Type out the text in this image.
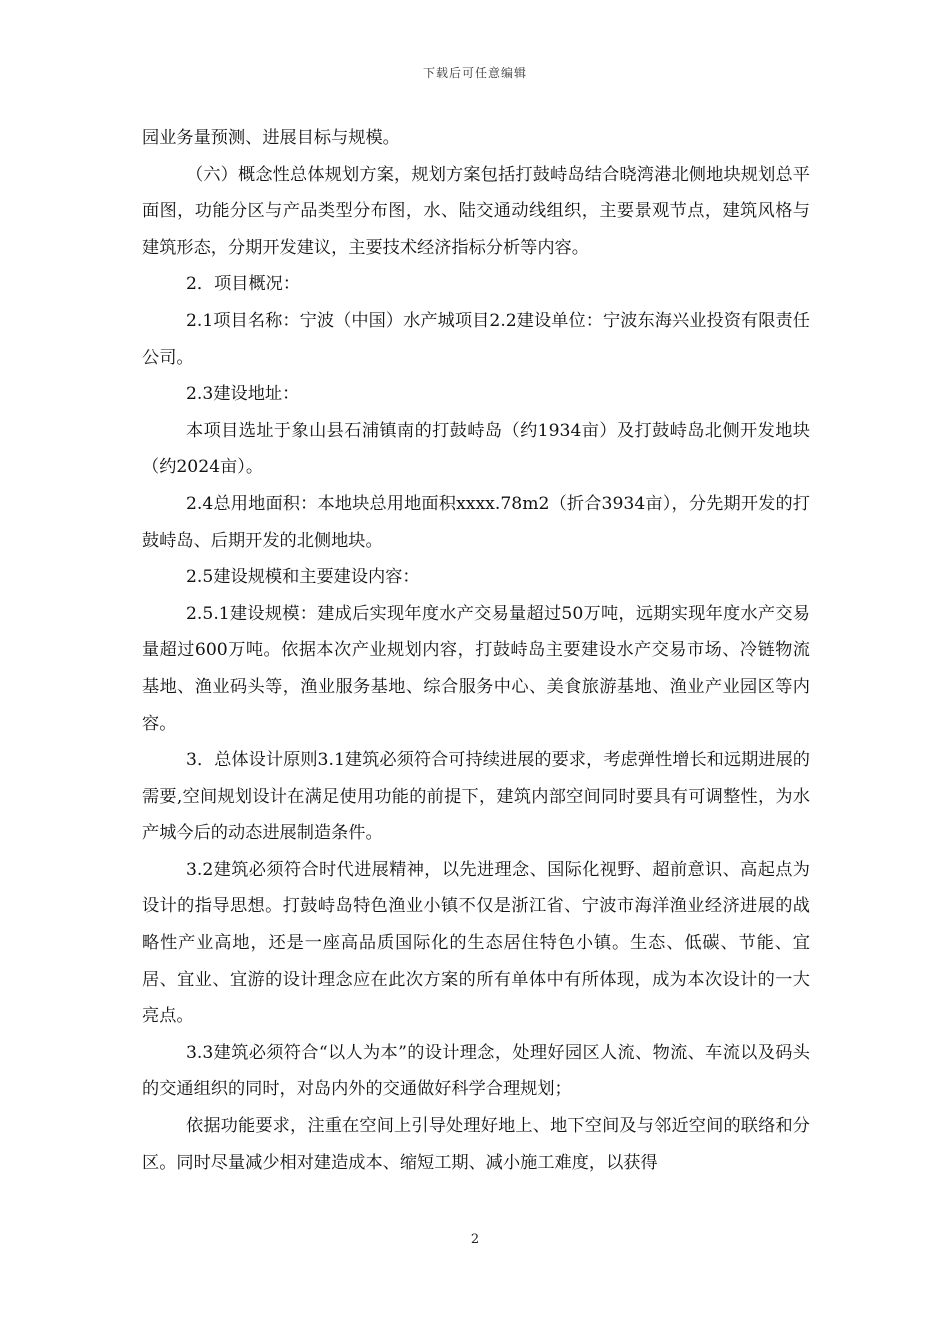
下载后可任意编辑

园业务量预测、进展目标与规模。

（六）概念性总体规划方案，规划方案包括打鼓峙岛结合晓湾港北侧地块规划总平面图，功能分区与产品类型分布图，水、陆交通动线组织，主要景观节点，建筑风格与建筑形态，分期开发建议，主要技术经济指标分析等内容。

2．项目概况：

2.1项目名称：宁波（中国）水产城项目2.2建设单位：宁波东海兴业投资有限责任公司。

2.3建设地址：

本项目选址于象山县石浦镇南的打鼓峙岛（约1934亩）及打鼓峙岛北侧开发地块（约2024亩）。

2.4总用地面积：本地块总用地面积xxxx.78m2（折合3934亩），分先期开发的打鼓峙岛、后期开发的北侧地块。

2.5建设规模和主要建设内容：

2.5.1建设规模：建成后实现年度水产交易量超过50万吨，远期实现年度水产交易量超过600万吨。依据本次产业规划内容，打鼓峙岛主要建设水产交易市场、冷链物流基地、渔业码头等，渔业服务基地、综合服务中心、美食旅游基地、渔业产业园区等内容。

3．总体设计原则3.1建筑必须符合可持续进展的要求，考虑弹性增长和远期进展的需要,空间规划设计在满足使用功能的前提下，建筑内部空间同时要具有可调整性，为水产城今后的动态进展制造条件。

3.2建筑必须符合时代进展精神，以先进理念、国际化视野、超前意识、高起点为设计的指导思想。打鼓峙岛特色渔业小镇不仅是浙江省、宁波市海洋渔业经济进展的战略性产业高地，还是一座高品质国际化的生态居住特色小镇。生态、低碳、节能、宜居、宜业、宜游的设计理念应在此次方案的所有单体中有所体现，成为本次设计的一大亮点。

3.3建筑必须符合“以人为本”的设计理念，处理好园区人流、物流、车流以及码头的交通组织的同时，对岛内外的交通做好科学合理规划；

依据功能要求，注重在空间上引导处理好地上、地下空间及与邻近空间的联络和分区。同时尽量减少相对建造成本、缩短工期、减小施工难度，以获得

2
